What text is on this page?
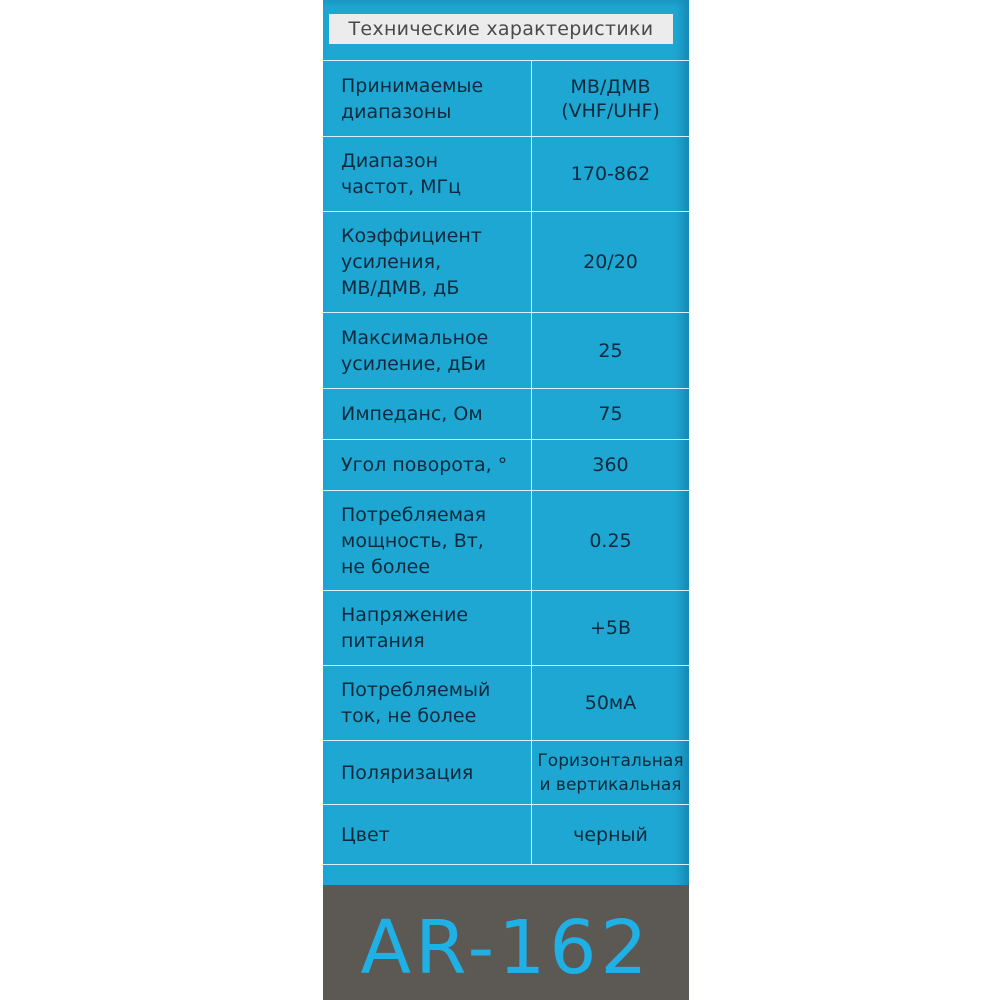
Технические характеристики
Принимаемые
диапазоны	МВ/ДМВ
(VHF/UHF)

Диапазон
частот, МГц	170-862

Коэффициент
усиления,
МВ/ДМВ, дБ	20/20

Максимальное
усиление, дБи	25

Импеданс, Ом	75

Угол поворота, °	360

Потребляемая
мощность, Вт,
не более	0.25

Напряжение
питания	+5В

Потребляемый
ток, не более	50мА

Поляризация	Горизонтальная
и вертикальная

Цвет	черный
AR-162
